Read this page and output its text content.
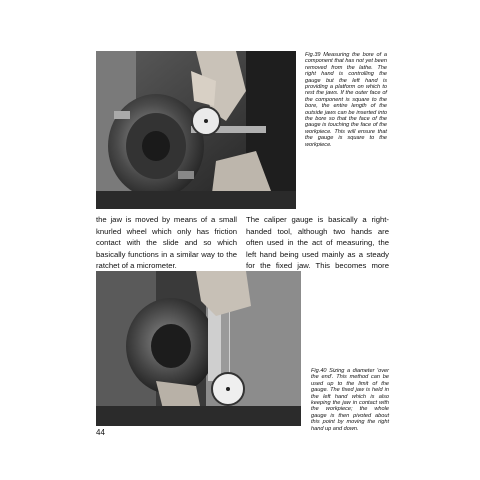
Fig.39 Measuring the bore of a component that has not yet been removed from the lathe. The right hand is controlling the gauge but the left hand is providing a platform on which to rest the jaws. If the outer face of the component is square to the bore, the entire length of the outside jaws can be inserted into the bore so that the face of the gauge is touching the face of the workpiece. This will ensure that the gauge is square to the workpiece.
the jaw is moved by means of a small knurled wheel which only has friction contact with the slide and so which basically functions in a similar way to the ratchet of a micrometer.
The caliper gauge is basically a right-handed tool, although two hands are often used in the act of measuring, the left hand being used mainly as a steady for the fixed jaw. This becomes more
Fig.40 Sizing a diameter 'over the end'. This method can be used up to the limit of the gauge. The fixed jaw is held in the left hand which is also keeping the jaw in contact with the workpiece; the whole gauge is then pivoted about this point by moving the right hand up and down.
44
